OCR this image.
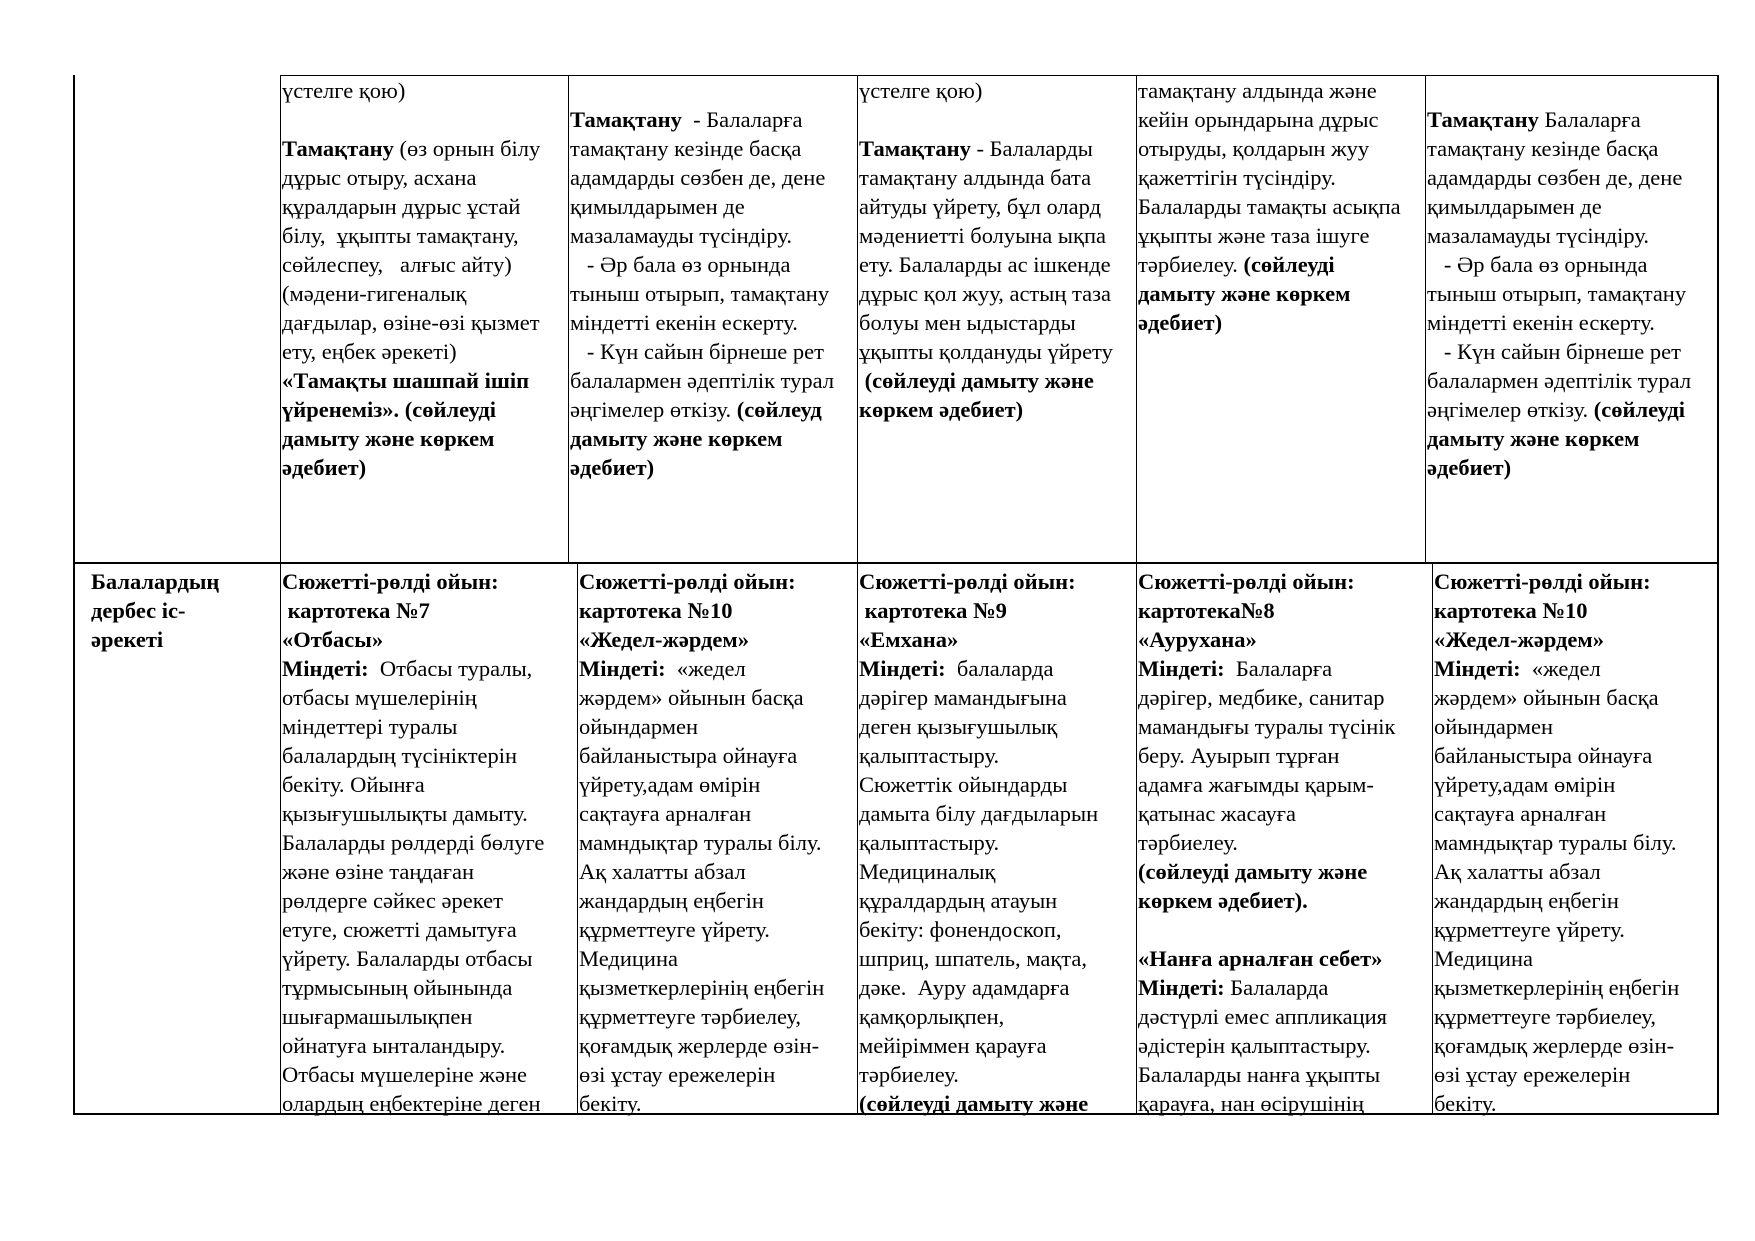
үстелге қою)

Тамақтану (өз орнын білу
дұрыс отыру, асхана
құралдарын дұрыс ұстай
білу,  ұқыпты тамақтану,
сөйлеспеу,   алғыс айту)
(мәдени-гигеналық
дағдылар, өзіне-өзі қызмет
ету, еңбек әрекеті)
«Тамақты шашпай ішіп
үйренеміз». (сөйлеуді
дамыту және көркем
әдебиет)

Тамақтану  - Балаларға
тамақтану кезінде басқа
адамдарды сөзбен де, дене
қимылдарымен де
мазаламауды түсіндіру.
- Әр бала өз орнында
тыныш отырып, тамақтану
міндетті екенін ескерту.
- Күн сайын бірнеше рет
балалармен әдептілік турал
әңгімелер өткізу. (сөйлеуд
дамыту және көркем
әдебиет)
үстелге қою)

Тамақтану - Балаларды
тамақтану алдында бата
айтуды үйрету, бұл олард
мәдениетті болуына ықпа
ету. Балаларды ас ішкенде
дұрыс қол жуу, астың таза
болуы мен ыдыстарды
ұқыпты қолдануды үйрету
(сөйлеуді дамыту және
көркем әдебиет)
тамақтану алдында және
кейін орындарына дұрыс
отыруды, қолдарын жуу
қажеттігін түсіндіру.
Балаларды тамақты асықпа
ұқыпты және таза ішуге
тәрбиелеу. (сөйлеуді
дамыту және көркем
әдебиет)

Тамақтану Балаларға
тамақтану кезінде басқа
адамдарды сөзбен де, дене
қимылдарымен де
мазаламауды түсіндіру.
- Әр бала өз орнында
тыныш отырып, тамақтану
міндетті екенін ескерту.
- Күн сайын бірнеше рет
балалармен әдептілік турал
әңгімелер өткізу. (сөйлеуді
дамыту және көркем
әдебиет)
Балалардың
дербес іс-
әрекеті
Сюжетті-рөлді ойын:
картотека №7
«Отбасы»
Міндеті:  Отбасы туралы,
отбасы мүшелерінің
міндеттері туралы
балалардың түсініктерін
бекіту. Ойынға
қызығушылықты дамыту.
Балаларды рөлдерді бөлуге
және өзіне таңдаған
рөлдерге сәйкес әрекет
етуге, сюжетті дамытуға
үйрету. Балаларды отбасы
тұрмысының ойынында
шығармашылықпен
ойнатуға ынталандыру.
Отбасы мүшелеріне және
олардың еңбектеріне деген
Сюжетті-рөлді ойын:
картотека №10
«Жедел-жәрдем»
Міндеті:  «жедел
жәрдем» ойынын басқа
ойындармен
байланыстыра ойнауға
үйрету,адам өмірін
сақтауға арналған
мамндықтар туралы білу.
Ақ халатты абзал
жандардың еңбегін
құрметтеуге үйрету.
Медицина
қызметкерлерінің еңбегін
құрметтеуге тәрбиелеу,
қоғамдық жерлерде өзін-
өзі ұстау ережелерін
бекіту.
Сюжетті-рөлді ойын:
картотека №9
«Емхана»
Міндеті:  балаларда
дәрігер мамандығына
деген қызығушылық
қалыптастыру.
Сюжеттік ойындарды
дамыта білу дағдыларын
қалыптастыру.
Медициналық
құралдардың атауын
бекіту: фонендоскоп,
шприц, шпатель, мақта,
дәке.  Ауру адамдарға
қамқорлықпен,
мейіріммен қарауға
тәрбиелеу.
(сөйлеуді дамыту және
Сюжетті-рөлді ойын:
картотека№8
«Аурухана»
Міндеті:  Балаларға
дәрігер, медбике, санитар
мамандығы туралы түсінік
беру. Ауырып тұрған
адамға жағымды қарым-
қатынас жасауға
тәрбиелеу.
(сөйлеуді дамыту және
көркем әдебиет).

«Нанға арналған себет»
Міндеті: Балаларда
дәстүрлі емес аппликация
әдістерін қалыптастыру.
Балаларды нанға ұқыпты
қарауға, нан өсірушінің
Сюжетті-рөлді ойын:
картотека №10
«Жедел-жәрдем»
Міндеті:  «жедел
жәрдем» ойынын басқа
ойындармен
байланыстыра ойнауға
үйрету,адам өмірін
сақтауға арналған
мамндықтар туралы білу.
Ақ халатты абзал
жандардың еңбегін
құрметтеуге үйрету.
Медицина
қызметкерлерінің еңбегін
құрметтеуге тәрбиелеу,
қоғамдық жерлерде өзін-
өзі ұстау ережелерін
бекіту.
